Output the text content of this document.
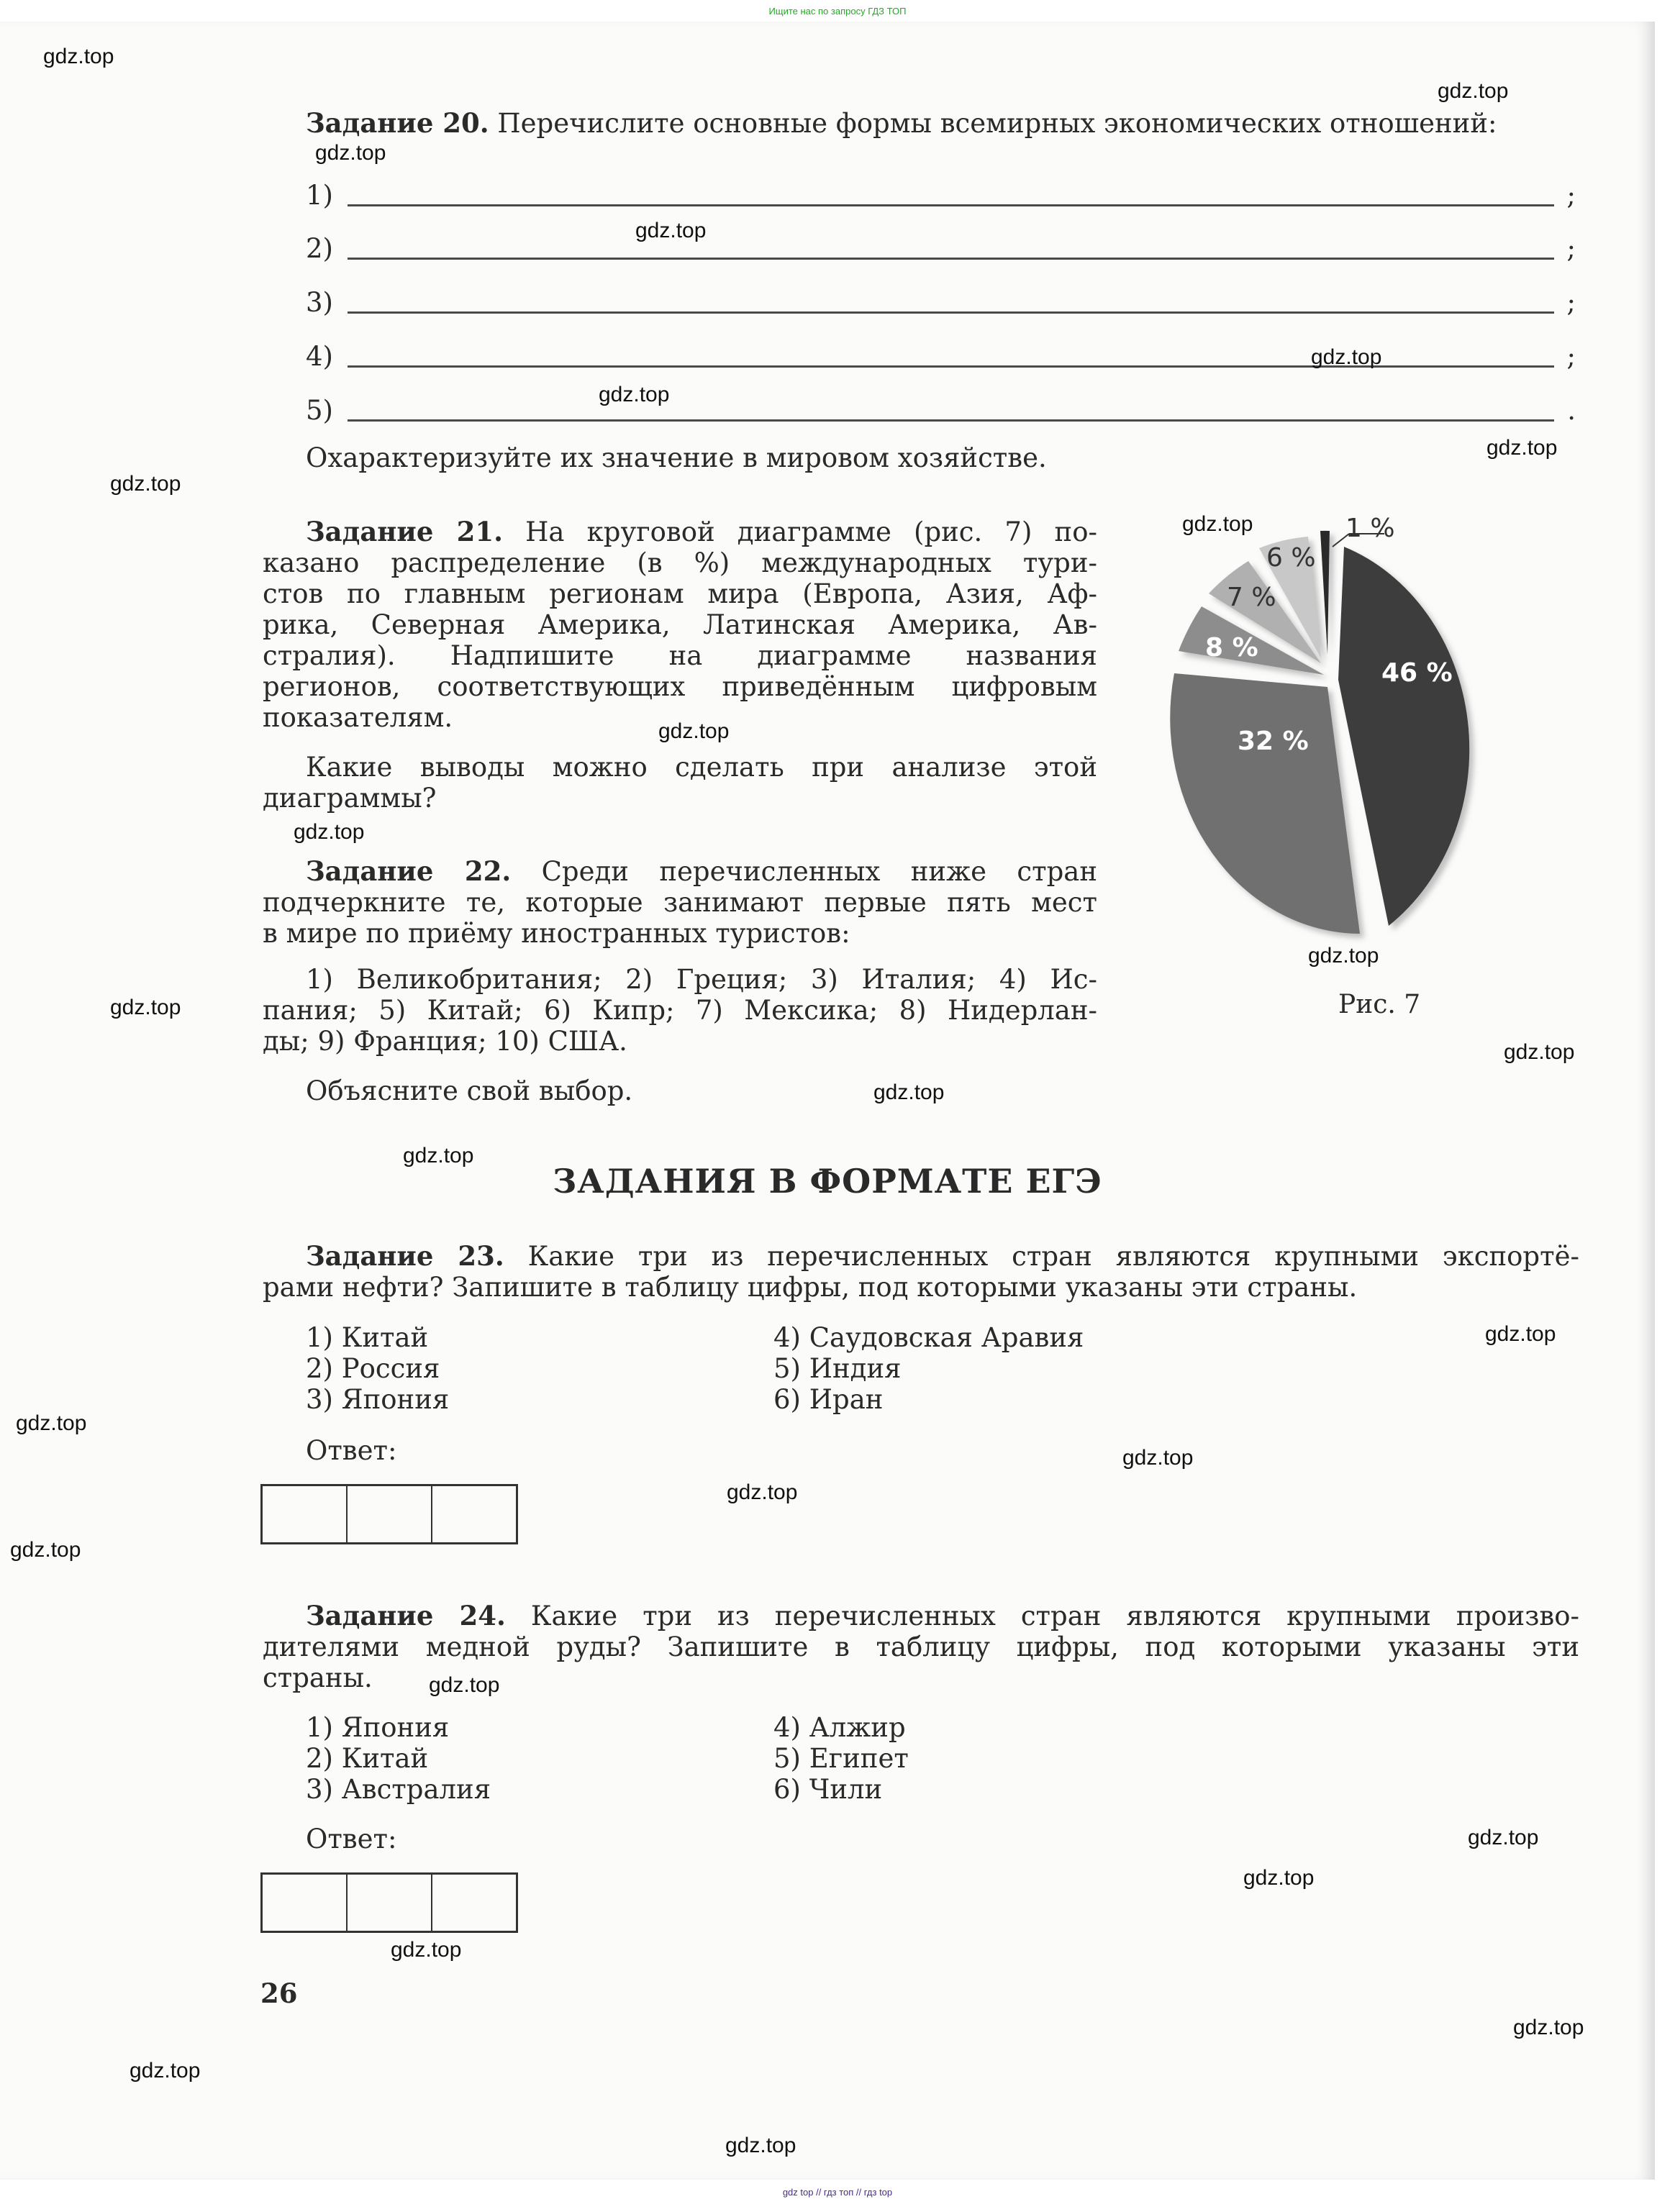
Ищите нас по запросу ГДЗ ТОП
Задание 20. Перечислите основные формы всемирных экономических отношений:
1)	;
2)	;
3)	;
4)	;
5)	.
Охарактеризуйте их значение в мировом хозяйстве.
Задание 21. На круговой диаграмме (рис. 7) по-
казано распределение (в %) международных тури-
стов по главным регионам мира (Европа, Азия, Аф-
рика, Северная Америка, Латинская Америка, Ав-
стралия). Надпишите на диаграмме названия
регионов, соответствующих приведённым цифровым
показателям.
Какие выводы можно сделать при анализе этой
диаграммы?
Задание 22. Среди перечисленных ниже стран
подчеркните те, которые занимают первые пять мест
в мире по приёму иностранных туристов:
1) Великобритания; 2) Греция; 3) Италия; 4) Ис-
пания; 5) Китай; 6) Кипр; 7) Мексика; 8) Нидерлан-
ды; 9) Франция; 10) США.
Объясните свой выбор.
1 %
6 %
7 %
8 %
46 %
32 %
Рис. 7
ЗАДАНИЯ В ФОРМАТЕ ЕГЭ
Задание 23. Какие три из перечисленных стран являются крупными экспортё-
рами нефти? Запишите в таблицу цифры, под которыми указаны эти страны.
1) Китай
2) Россия
3) Япония
4) Саудовская Аравия
5) Индия
6) Иран
Ответ:
Задание 24. Какие три из перечисленных стран являются крупными произво-
дителями медной руды? Запишите в таблицу цифры, под которыми указаны эти
страны.
1) Япония
2) Китай
3) Австралия
4) Алжир
5) Египет
6) Чили
Ответ:
26
gdz.top
gdz.top
gdz.top
gdz.top
gdz.top
gdz.top
gdz.top
gdz.top
gdz.top
gdz.top
gdz.top
gdz.top
gdz.top
gdz.top
gdz.top
gdz.top
gdz.top
gdz.top
gdz.top
gdz.top
gdz.top
gdz.top
gdz.top
gdz.top
gdz.top
gdz.top
gdz.top
gdz.top
gdz top // гдз топ // гдз top
